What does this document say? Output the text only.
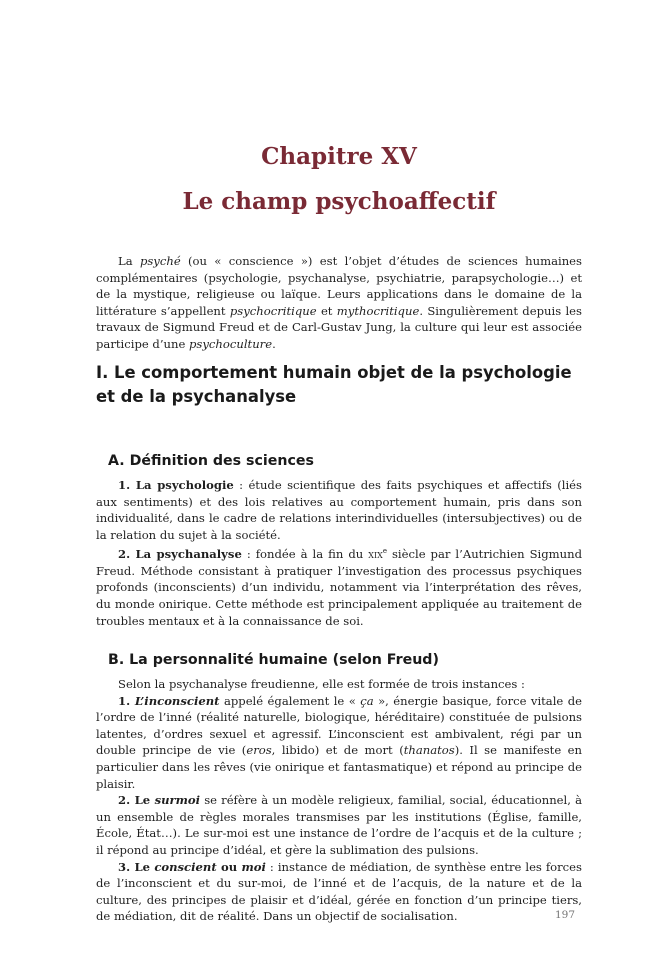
Chapitre XV
Le champ psychoaffectif

La psyché (ou « conscience ») est l’objet d’études de sciences humaines complémentaires (psychologie, psychanalyse, psychiatrie, parapsychologie…) et de la mystique, religieuse ou laïque. Leurs applications dans le domaine de la littérature s’appellent psychocritique et mythocritique. Singulièrement depuis les travaux de Sigmund Freud et de Carl-Gustav Jung, la culture qui leur est associée participe d’une psychoculture.

I. Le comportement humain objet de la psychologie et de la psychanalyse
A. Définition des sciences

1. La psychologie : étude scientifique des faits psychiques et affectifs (liés aux sentiments) et des lois relatives au comportement humain, pris dans son individualité, dans le cadre de relations interindividuelles (intersubjectives) ou de la relation du sujet à la société.

2. La psychanalyse : fondée à la fin du xix$^e$ siècle par l’Autrichien Sigmund Freud. Méthode consistant à pratiquer l’investigation des processus psychiques profonds (inconscients) d’un individu, notamment via l’interprétation des rêves, du monde onirique. Cette méthode est principalement appliquée au traitement de troubles mentaux et à la connaissance de soi.

B. La personnalité humaine (selon Freud)

Selon la psychanalyse freudienne, elle est formée de trois instances :

1. L’inconscient appelé également le « ça », énergie basique, force vitale de l’ordre de l’inné (réalité naturelle, biologique, héréditaire) constituée de pulsions latentes, d’ordres sexuel et agressif. L’inconscient est ambivalent, régi par un double principe de vie (eros, libido) et de mort (thanatos). Il se manifeste en particulier dans les rêves (vie onirique et fantasmatique) et répond au principe de plaisir.

2. Le surmoi se réfère à un modèle religieux, familial, social, éducationnel, à un ensemble de règles morales transmises par les institutions (Église, famille, École, État…). Le sur-moi est une instance de l’ordre de l’acquis et de la culture ; il répond au principe d’idéal, et gère la sublimation des pulsions.

3. Le conscient ou moi : instance de médiation, de synthèse entre les forces de l’inconscient et du sur-moi, de l’inné et de l’acquis, de la nature et de la culture, des principes de plaisir et d’idéal, gérée en fonction d’un principe tiers, de médiation, dit de réalité. Dans un objectif de socialisation.	197
